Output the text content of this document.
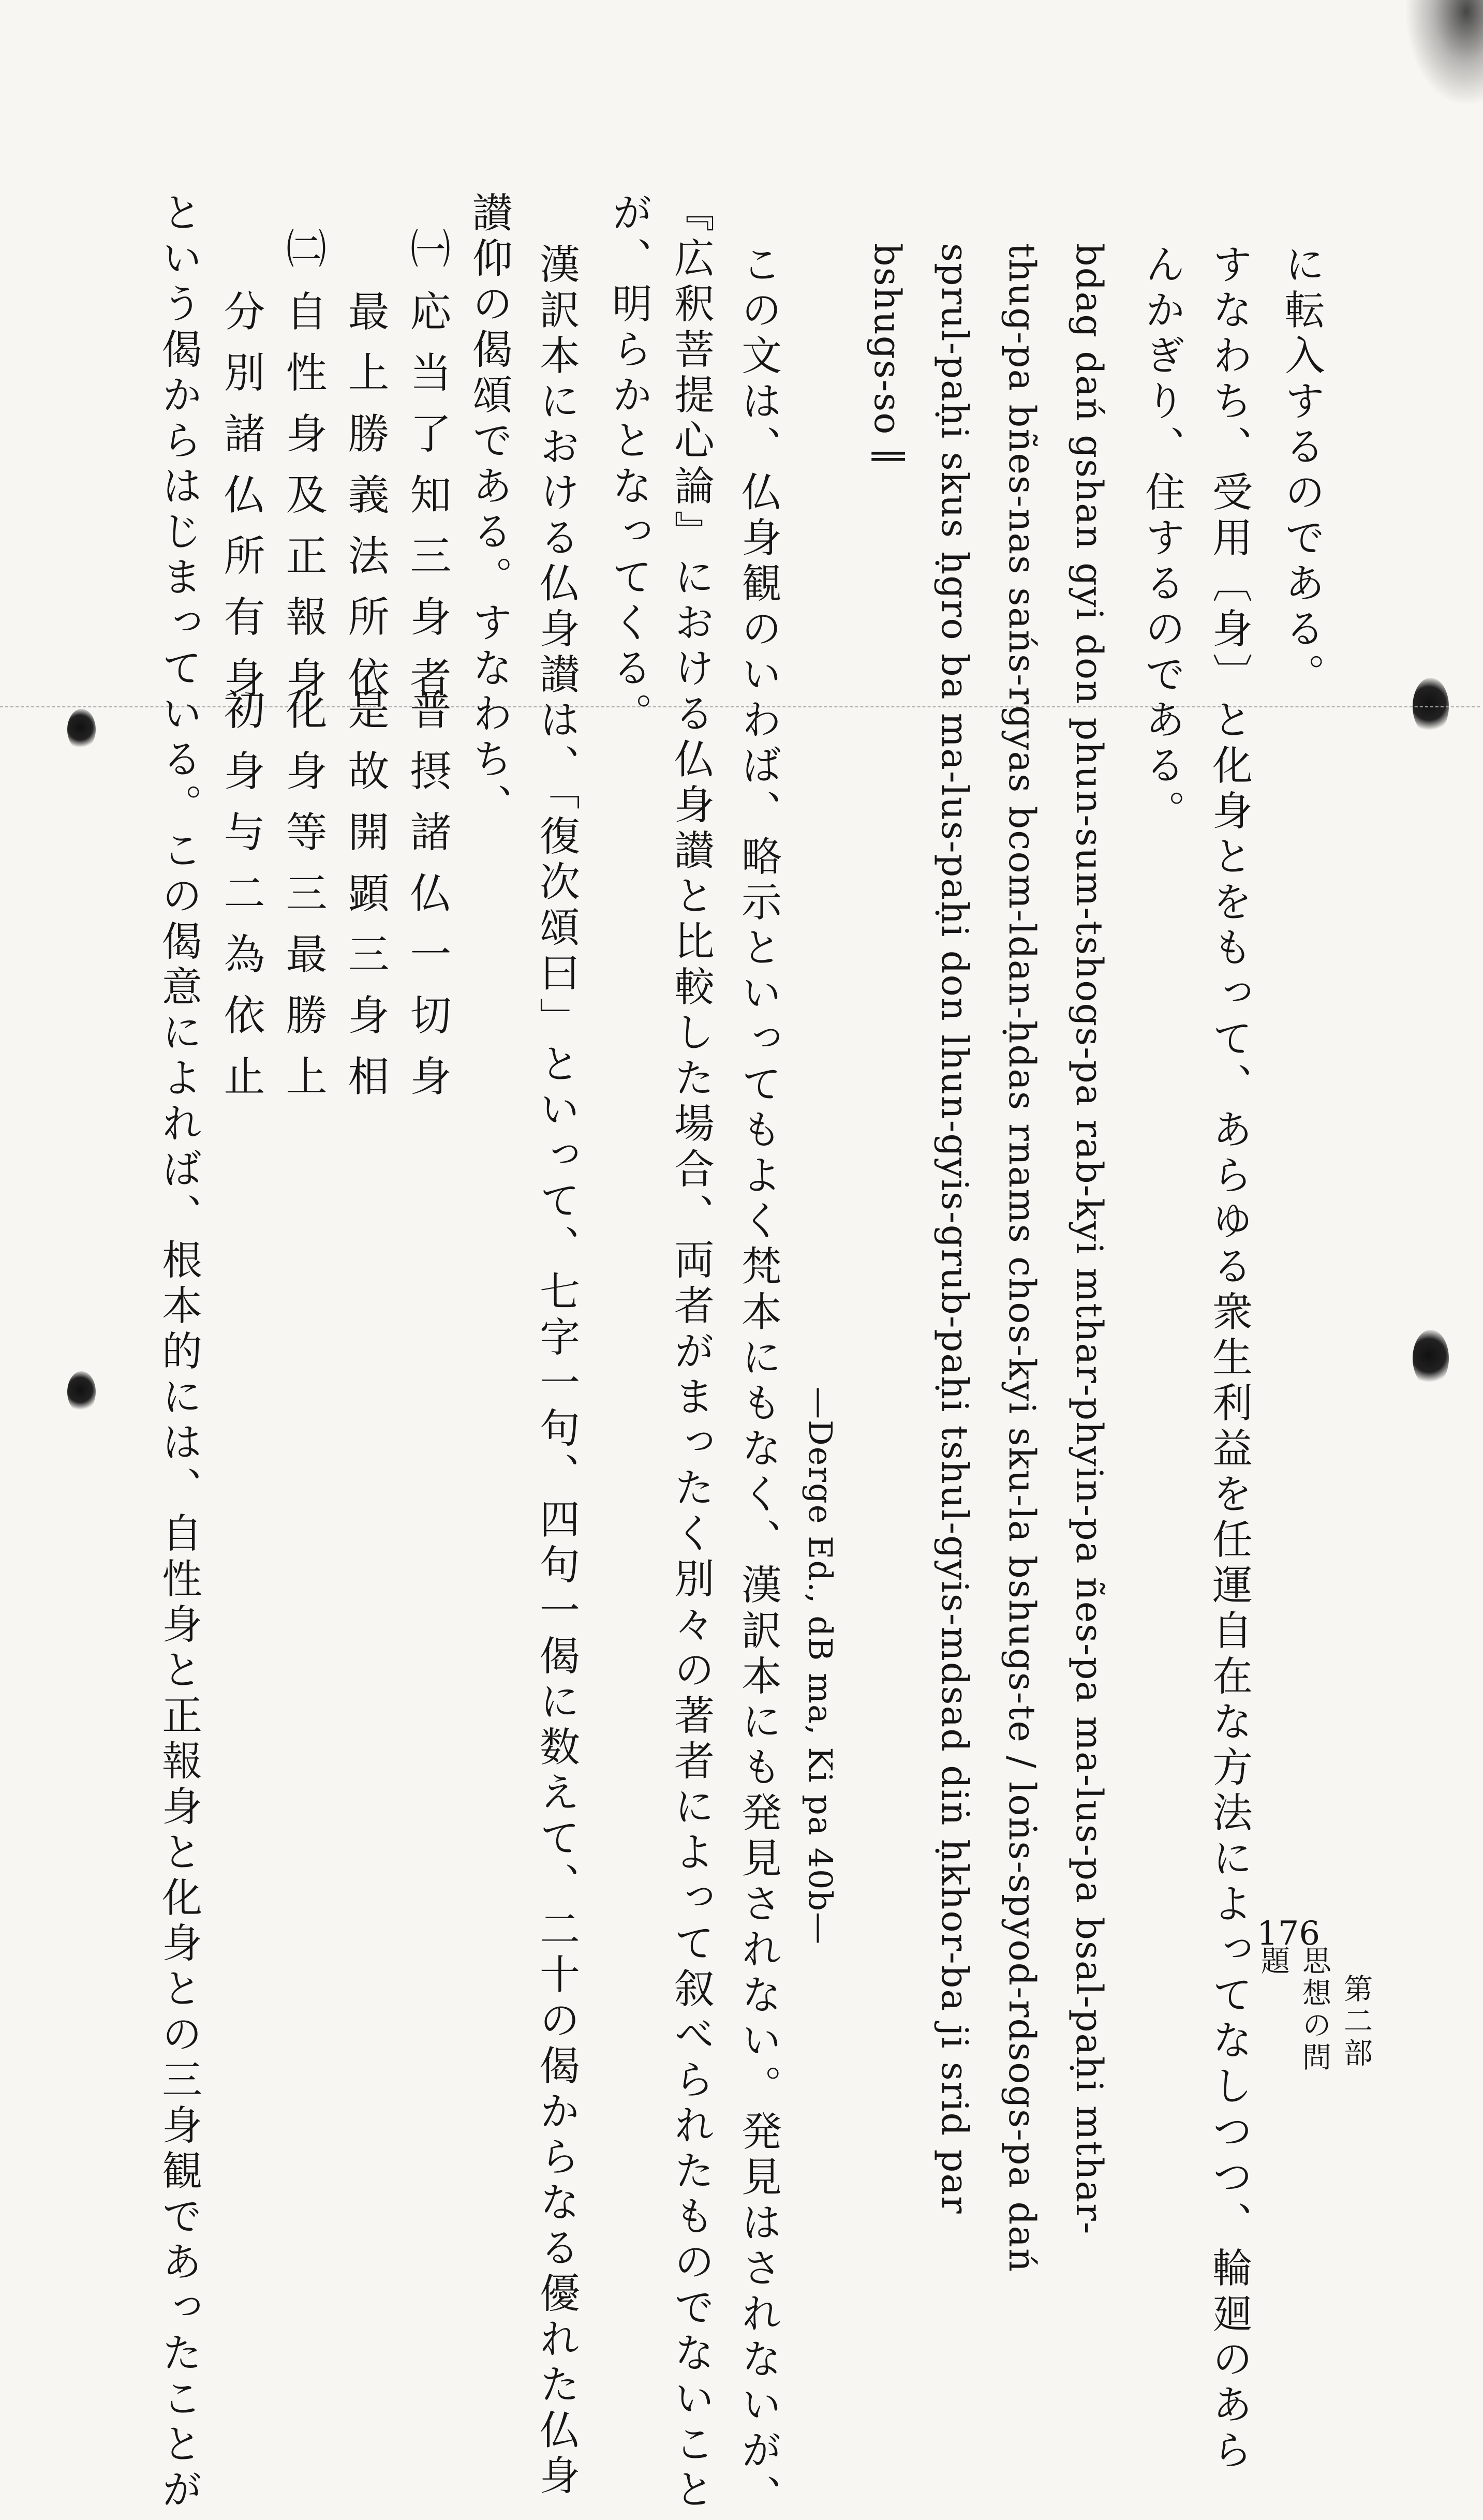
176
第二部
思想の問題
に転入するのである。
すなわち、受用〔身〕と化身とをもって、あらゆる衆生利益を任運自在な方法によってなしつつ、輪廻のあら
んかぎり、住するのである。
bdag dań gshan gyi don phun-sum-tshogs-pa rab-kyi mthar-phyin-pa ñes-pa ma-lus-pa bsal-paḥi mthar-
thug-pa bñes-nas sańs-rgyas bcom-ldan-ḥdas rnams chos-kyi sku-la bshugs-te / loṅs-spyod-rdsogs-pa dań
sprul-paḥi skus ḥgro ba ma-lus-paḥi don lhun-gyis-grub-paḥi tshul-gyis-mdsad diṅ ḥkhor-ba ji srid par
bshugs-so ∥
—Derge Ed., dB ma, Ki pa 40b—
この文は、仏身観のいわば、略示といってもよく梵本にもなく、漢訳本にも発見されない。発見はされないが、
『広釈菩提心論』における仏身讃と比較した場合、両者がまったく別々の著者によって叙べられたものでないこと
が、明らかとなってくる。
漢訳本における仏身讃は、「復次頌曰」といって、七字一句、四句一偈に数えて、二十の偈からなる優れた仏身
讃仰の偈頌である。すなわち、
㈠
応当了知三身者
普摂諸仏一切身
最上勝義法所依
是故開顕三身相
㈡
自性身及正報身
化身等三最勝上
分別諸仏所有身
初身与二為依止
という偈からはじまっている。この偈意によれば、根本的には、自性身と正報身と化身との三身観であったことが
